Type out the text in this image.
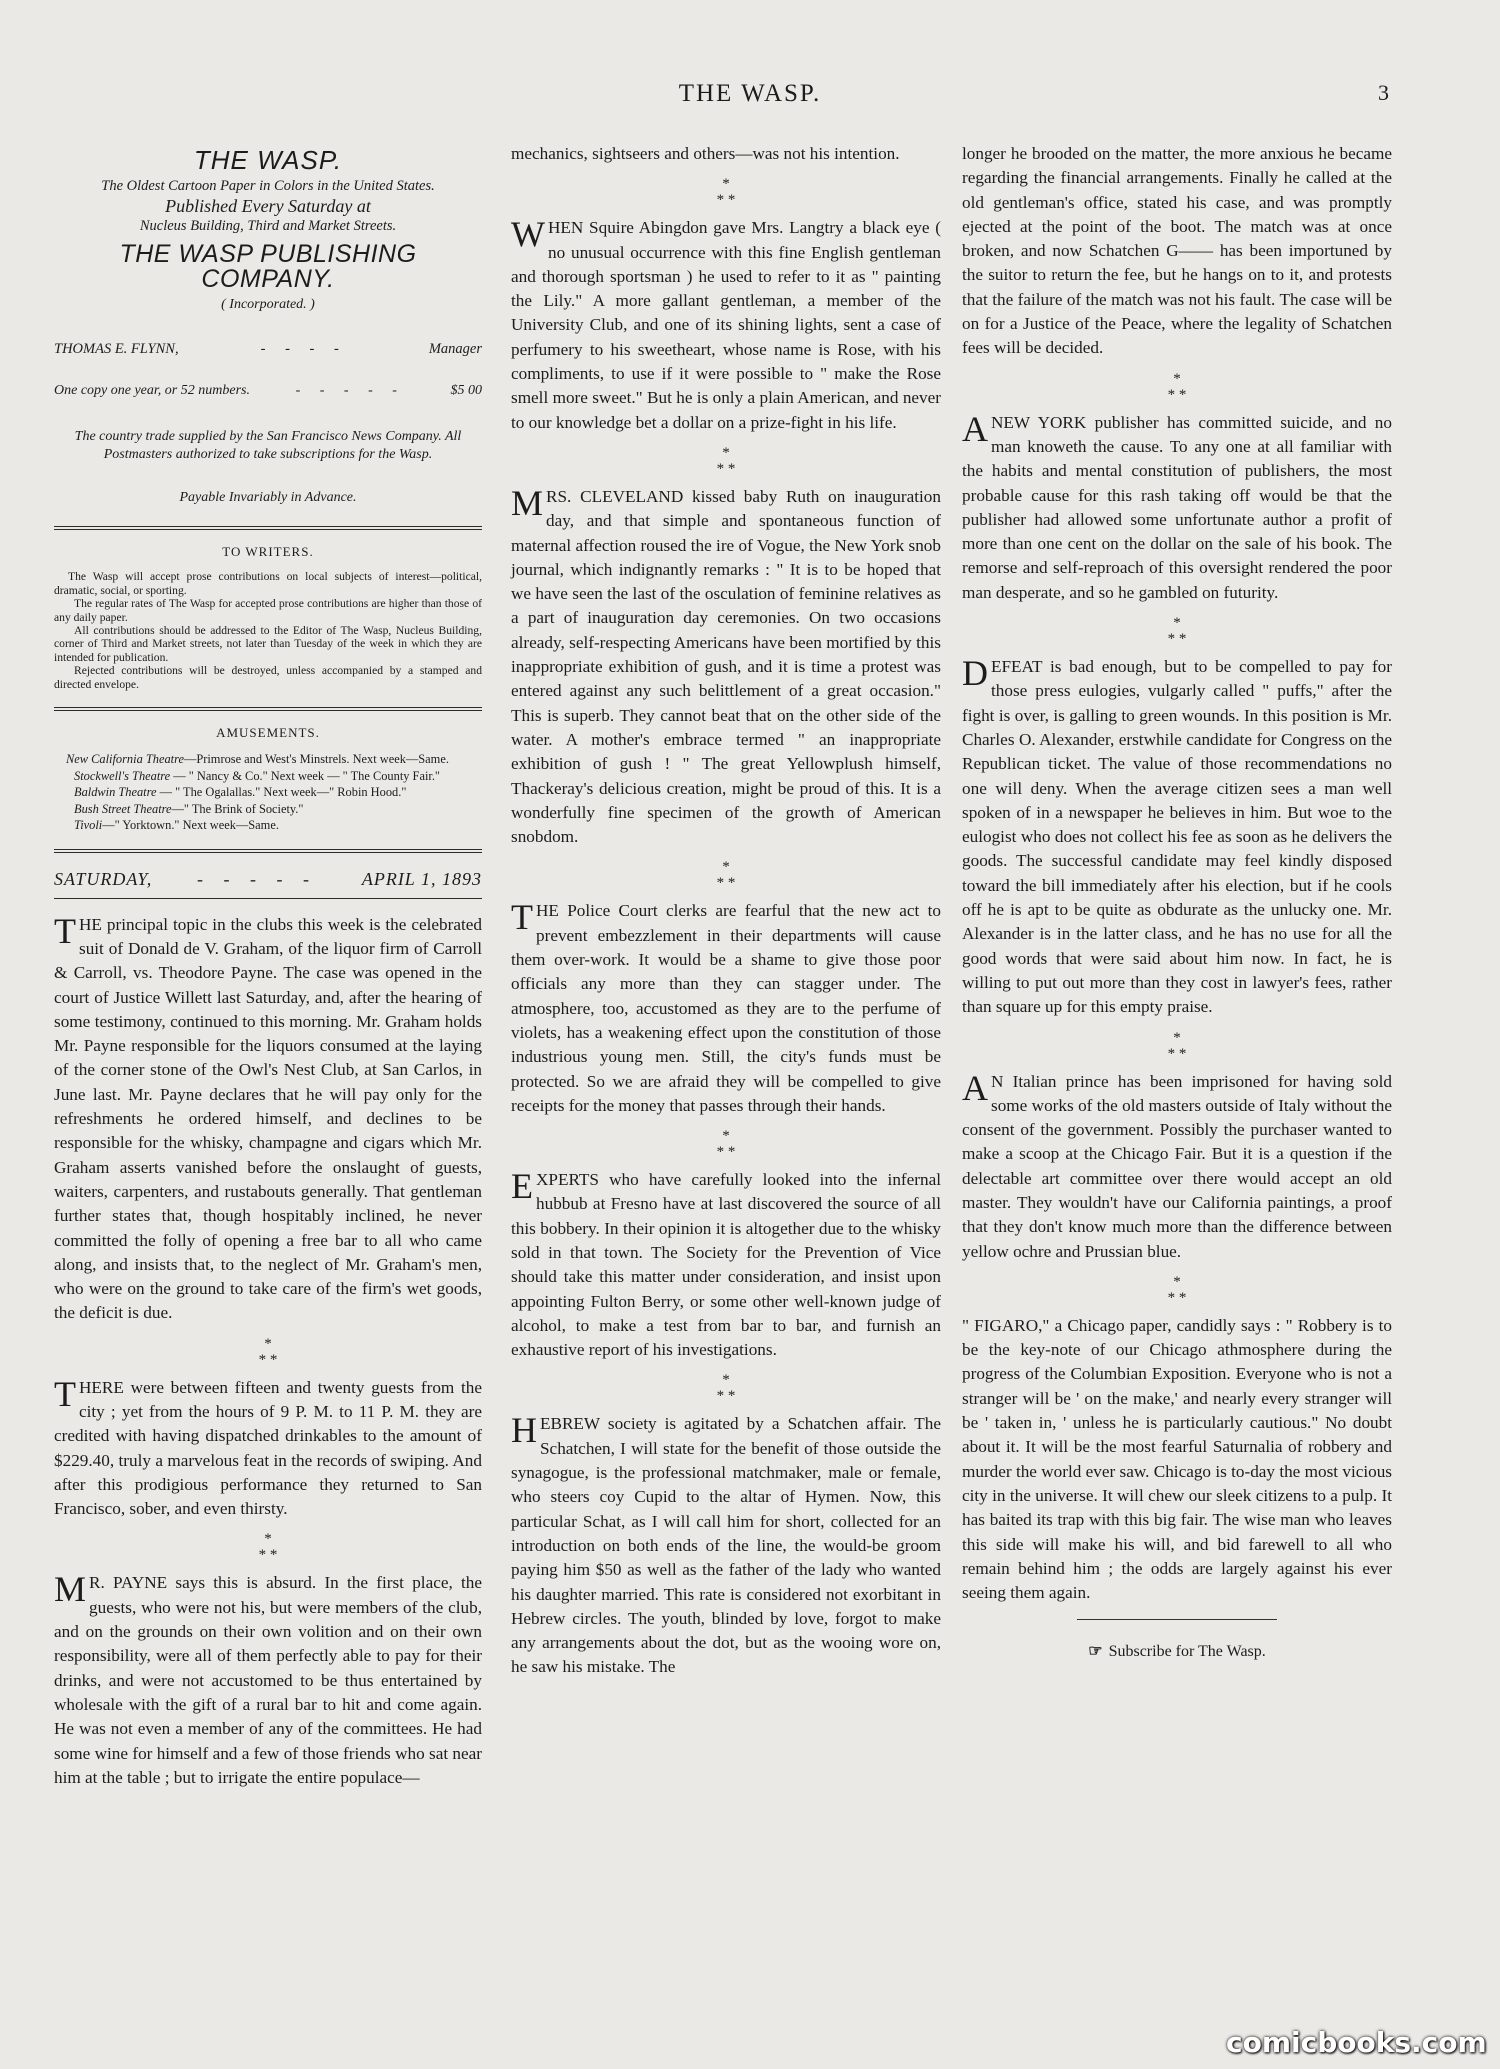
THE WASP.	3
THE WASP.
The Oldest Cartoon Paper in Colors in the United States.
Published Every Saturday at
Nucleus Building, Third and Market Streets.
THE WASP PUBLISHING COMPANY.
( Incorporated. )
THOMAS E. FLYNN,	- - - -	Manager
One copy one year, or 52 numbers.	- - - - -	$5 00
The country trade supplied by the San Francisco News Company. All Postmasters authorized to take subscriptions for the Wasp.
Payable Invariably in Advance.
TO WRITERS.

The Wasp will accept prose contributions on local subjects of interest—political, dramatic, social, or sporting.

The regular rates of The Wasp for accepted prose contributions are higher than those of any daily paper.

All contributions should be addressed to the Editor of The Wasp, Nucleus Building, corner of Third and Market streets, not later than Tuesday of the week in which they are intended for publication.

Rejected contributions will be destroyed, unless accompanied by a stamped and directed envelope.

AMUSEMENTS.

New California Theatre—Primrose and West's Minstrels. Next week—Same.

Stockwell's Theatre — " Nancy & Co." Next week — " The County Fair."

Baldwin Theatre — " The Ogalallas." Next week—" Robin Hood."

Bush Street Theatre—" The Brink of Society."

Tivoli—" Yorktown." Next week—Same.

SATURDAY,	- - - - -	APRIL 1, 1893

THE principal topic in the clubs this week is the celebrated suit of Donald de V. Graham, of the liquor firm of Carroll & Carroll, vs. Theodore Payne. The case was opened in the court of Justice Willett last Saturday, and, after the hearing of some testimony, continued to this morning. Mr. Graham holds Mr. Payne responsible for the liquors consumed at the laying of the corner stone of the Owl's Nest Club, at San Carlos, in June last. Mr. Payne declares that he will pay only for the refreshments he ordered himself, and declines to be responsible for the whisky, champagne and cigars which Mr. Graham asserts vanished before the onslaught of guests, waiters, carpenters, and rustabouts generally. That gentleman further states that, though hospitably inclined, he never committed the folly of opening a free bar to all who came along, and insists that, to the neglect of Mr. Graham's men, who were on the ground to take care of the firm's wet goods, the deficit is due.

*
* *

THERE were between fifteen and twenty guests from the city ; yet from the hours of 9 P. M. to 11 P. M. they are credited with having dispatched drinkables to the amount of $229.40, truly a marvelous feat in the records of swiping. And after this prodigious performance they returned to San Francisco, sober, and even thirsty.

*
* *

MR. PAYNE says this is absurd. In the first place, the guests, who were not his, but were members of the club, and on the grounds on their own volition and on their own responsibility, were all of them perfectly able to pay for their drinks, and were not accustomed to be thus entertained by wholesale with the gift of a rural bar to hit and come again. He was not even a member of any of the committees. He had some wine for himself and a few of those friends who sat near him at the table ; but to irrigate the entire populace—

mechanics, sightseers and others—was not his intention.

*
* *

WHEN Squire Abingdon gave Mrs. Langtry a black eye ( no unusual occurrence with this fine English gentleman and thorough sportsman ) he used to refer to it as " painting the Lily." A more gallant gentleman, a member of the University Club, and one of its shining lights, sent a case of perfumery to his sweetheart, whose name is Rose, with his compliments, to use if it were possible to " make the Rose smell more sweet." But he is only a plain American, and never to our knowledge bet a dollar on a prize-fight in his life.

*
* *

MRS. CLEVELAND kissed baby Ruth on inauguration day, and that simple and spontaneous function of maternal affection roused the ire of Vogue, the New York snob journal, which indignantly remarks : " It is to be hoped that we have seen the last of the osculation of feminine relatives as a part of inauguration day ceremonies. On two occasions already, self-respecting Americans have been mortified by this inappropriate exhibition of gush, and it is time a protest was entered against any such belittlement of a great occasion." This is superb. They cannot beat that on the other side of the water. A mother's embrace termed " an inappropriate exhibition of gush ! " The great Yellowplush himself, Thackeray's delicious creation, might be proud of this. It is a wonderfully fine specimen of the growth of American snobdom.

*
* *

THE Police Court clerks are fearful that the new act to prevent embezzlement in their departments will cause them over-work. It would be a shame to give those poor officials any more than they can stagger under. The atmosphere, too, accustomed as they are to the perfume of violets, has a weakening effect upon the constitution of those industrious young men. Still, the city's funds must be protected. So we are afraid they will be compelled to give receipts for the money that passes through their hands.

*
* *

EXPERTS who have carefully looked into the infernal hubbub at Fresno have at last discovered the source of all this bobbery. In their opinion it is altogether due to the whisky sold in that town. The Society for the Prevention of Vice should take this matter under consideration, and insist upon appointing Fulton Berry, or some other well-known judge of alcohol, to make a test from bar to bar, and furnish an exhaustive report of his investigations.

*
* *

HEBREW society is agitated by a Schatchen affair. The Schatchen, I will state for the benefit of those outside the synagogue, is the professional matchmaker, male or female, who steers coy Cupid to the altar of Hymen. Now, this particular Schat, as I will call him for short, collected for an introduction on both ends of the line, the would-be groom paying him $50 as well as the father of the lady who wanted his daughter married. This rate is considered not exorbitant in Hebrew circles. The youth, blinded by love, forgot to make any arrangements about the dot, but as the wooing wore on, he saw his mistake. The

longer he brooded on the matter, the more anxious he became regarding the financial arrangements. Finally he called at the old gentleman's office, stated his case, and was promptly ejected at the point of the boot. The match was at once broken, and now Schatchen G—— has been importuned by the suitor to return the fee, but he hangs on to it, and protests that the failure of the match was not his fault. The case will be on for a Justice of the Peace, where the legality of Schatchen fees will be decided.

*
* *

ANEW YORK publisher has committed suicide, and no man knoweth the cause. To any one at all familiar with the habits and mental constitution of publishers, the most probable cause for this rash taking off would be that the publisher had allowed some unfortunate author a profit of more than one cent on the dollar on the sale of his book. The remorse and self-reproach of this oversight rendered the poor man desperate, and so he gambled on futurity.

*
* *

DEFEAT is bad enough, but to be compelled to pay for those press eulogies, vulgarly called " puffs," after the fight is over, is galling to green wounds. In this position is Mr. Charles O. Alexander, erstwhile candidate for Congress on the Republican ticket. The value of those recommendations no one will deny. When the average citizen sees a man well spoken of in a newspaper he believes in him. But woe to the eulogist who does not collect his fee as soon as he delivers the goods. The successful candidate may feel kindly disposed toward the bill immediately after his election, but if he cools off he is apt to be quite as obdurate as the unlucky one. Mr. Alexander is in the latter class, and he has no use for all the good words that were said about him now. In fact, he is willing to put out more than they cost in lawyer's fees, rather than square up for this empty praise.

*
* *

AN Italian prince has been imprisoned for having sold some works of the old masters outside of Italy without the consent of the government. Possibly the purchaser wanted to make a scoop at the Chicago Fair. But it is a question if the delectable art committee over there would accept an old master. They wouldn't have our California paintings, a proof that they don't know much more than the difference between yellow ochre and Prussian blue.

*
* *

" FIGARO," a Chicago paper, candidly says : " Robbery is to be the key-note of our Chicago athmosphere during the progress of the Columbian Exposition. Everyone who is not a stranger will be ' on the make,' and nearly every stranger will be ' taken in, ' unless he is particularly cautious." No doubt about it. It will be the most fearful Saturnalia of robbery and murder the world ever saw. Chicago is to-day the most vicious city in the universe. It will chew our sleek citizens to a pulp. It has baited its trap with this big fair. The wise man who leaves this side will make his will, and bid farewell to all who remain behind him ; the odds are largely against his ever seeing them again.

☞ Subscribe for The Wasp.
comicbooks.com
